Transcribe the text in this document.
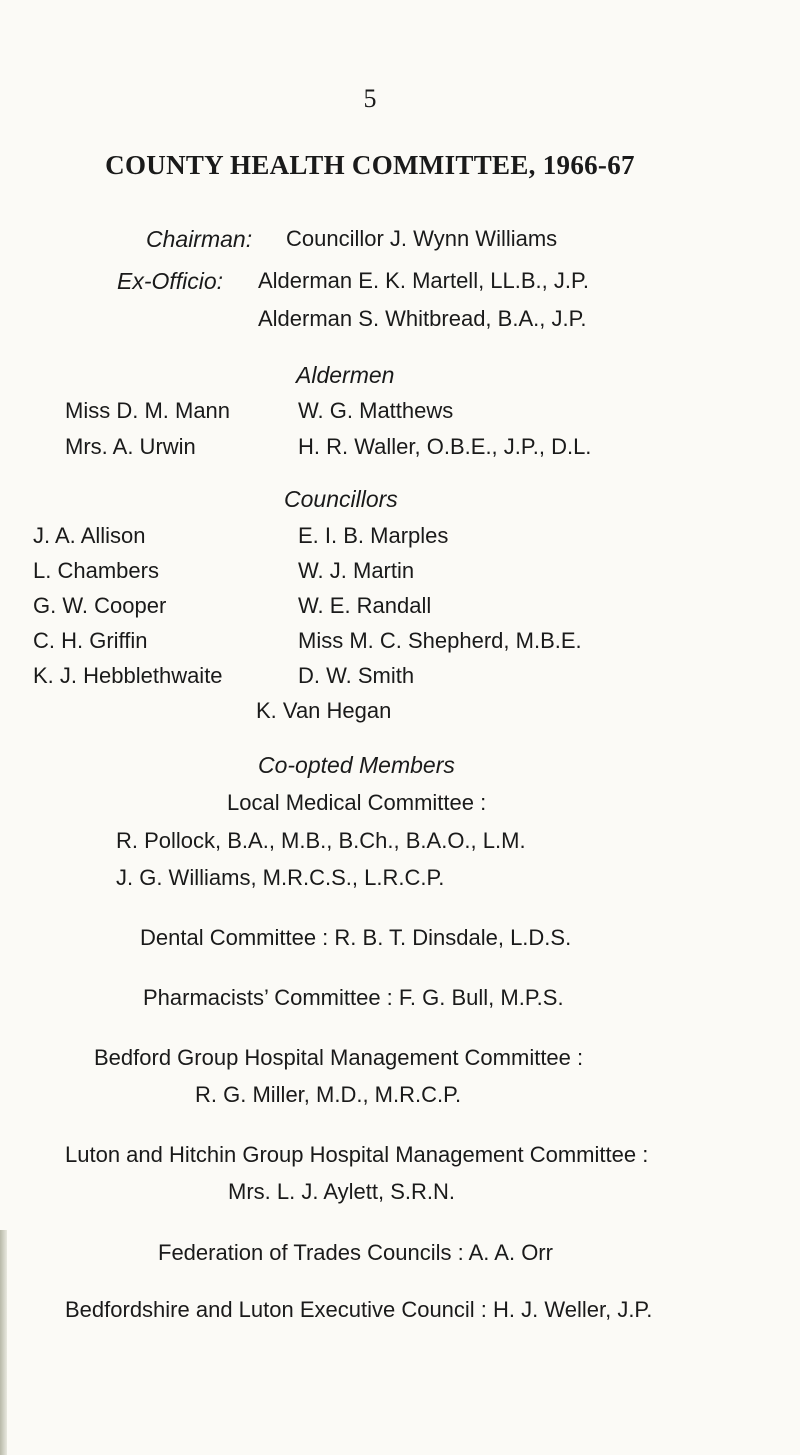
5
COUNTY HEALTH COMMITTEE, 1966-67
Chairman: Councillor J. Wynn Williams
Ex-Officio: Alderman E. K. Martell, LL.B., J.P.
Alderman S. Whitbread, B.A., J.P.
Aldermen
Miss D. M. Mann
Mrs. A. Urwin
W. G. Matthews
H. R. Waller, O.B.E., J.P., D.L.
Councillors
J. A. Allison
L. Chambers
G. W. Cooper
C. H. Griffin
K. J. Hebblethwaite
E. I. B. Marples
W. J. Martin
W. E. Randall
Miss M. C. Shepherd, M.B.E.
D. W. Smith
K. Van Hegan
Co-opted Members
Local Medical Committee :
R. Pollock, B.A., M.B., B.Ch., B.A.O., L.M.
J. G. Williams, M.R.C.S., L.R.C.P.
Dental Committee : R. B. T. Dinsdale, L.D.S.
Pharmacists’ Committee : F. G. Bull, M.P.S.
Bedford Group Hospital Management Committee :
R. G. Miller, M.D., M.R.C.P.
Luton and Hitchin Group Hospital Management Committee :
Mrs. L. J. Aylett, S.R.N.
Federation of Trades Councils : A. A. Orr
Bedfordshire and Luton Executive Council : H. J. Weller, J.P.
